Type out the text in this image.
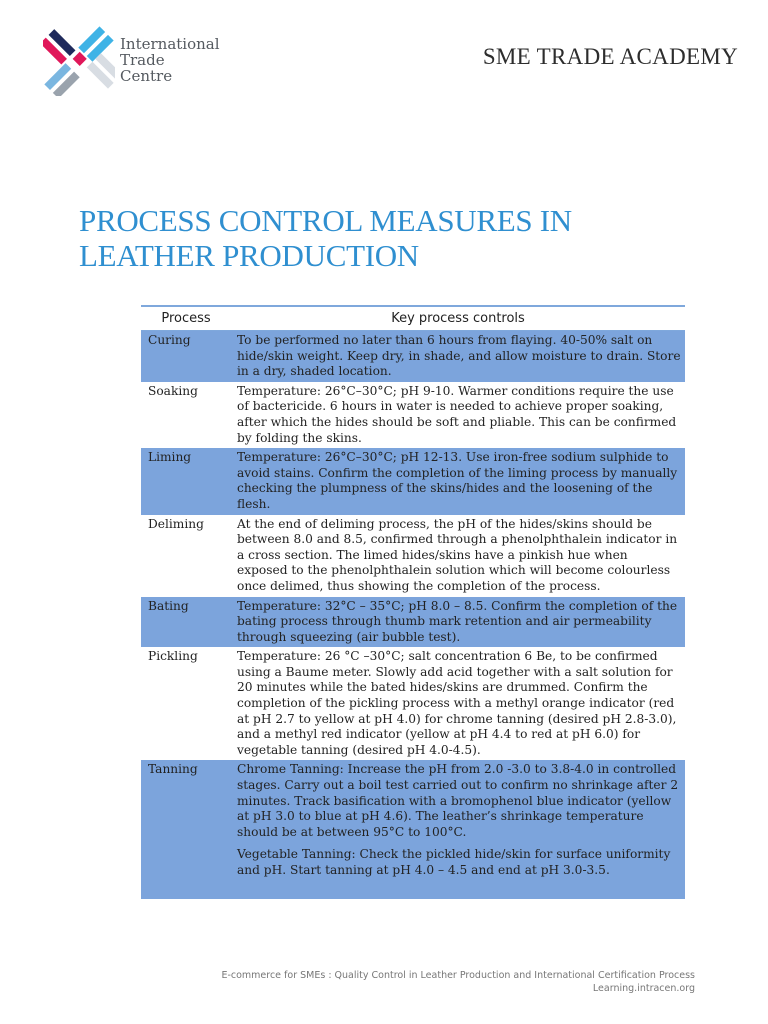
International
Trade
Centre
SME TRADE ACADEMY
PROCESS CONTROL MEASURES IN
LEATHER PRODUCTION
Process	Key process controls
Curing	To be performed no later than 6 hours from flaying. 40-50% salt on hide/skin weight. Keep dry, in shade, and allow moisture to drain. Store in a dry, shaded location.

Soaking	Temperature: 26°C–30°C; pH 9-10. Warmer conditions require the use of bactericide. 6 hours in water is needed to achieve proper soaking, after which the hides should be soft and pliable. This can be confirmed by folding the skins.

Liming	Temperature: 26°C–30°C; pH 12-13. Use iron-free sodium sulphide to avoid stains. Confirm the completion of the liming process by manually checking the plumpness of the skins/hides and the loosening of the flesh.

Deliming	At the end of deliming process, the pH of the hides/skins should be between 8.0 and 8.5, confirmed through a phenolphthalein indicator in a cross section. The limed hides/skins have a pinkish hue when exposed to the phenolphthalein solution which will become colourless once delimed, thus showing the completion of the process.

Bating	Temperature: 32°C – 35°C; pH 8.0 – 8.5. Confirm the completion of the bating process through thumb mark retention and air permeability through squeezing (air bubble test).

Pickling	Temperature: 26 °C –30°C; salt concentration 6 Be, to be confirmed using a Baume meter. Slowly add acid together with a salt solution for 20 minutes while the bated hides/skins are drummed. Confirm the completion of the pickling process with a methyl orange indicator (red at pH 2.7 to yellow at pH 4.0) for chrome tanning (desired pH 2.8-3.0), and a methyl red indicator (yellow at pH 4.4 to red at pH 6.0) for vegetable tanning (desired pH 4.0-4.5).

Tanning	Chrome Tanning: Increase the pH from 2.0 -3.0 to 3.8-4.0 in controlled stages. Carry out a boil test carried out to confirm no shrinkage after 2 minutes. Track basification with a bromophenol blue indicator (yellow at pH 3.0 to blue at pH 4.6). The leather’s shrinkage temperature should be at between 95°C to 100°C.

Vegetable Tanning: Check the pickled hide/skin for surface uniformity and pH. Start tanning at pH 4.0 – 4.5 and end at pH 3.0-3.5.

E-commerce for SMEs : Quality Control in Leather Production and International Certification Process
Learning.intracen.org
